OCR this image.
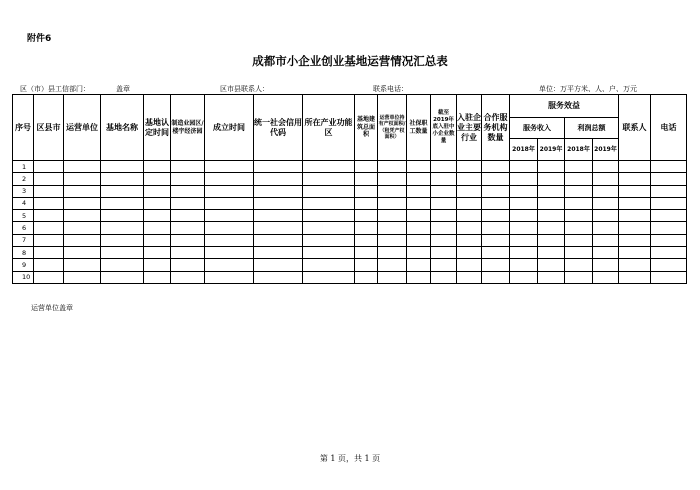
附件6
成都市小企业创业基地运营情况汇总表
区（市）县工信部门：	盖章	区市县联系人：	联系电话：	单位：万平方米、人、户、万元
序号	区县市	运营单位	基地名称	基地认定时间	制造业园区/楼宇经济园	成立时间	统一社会信用代码	所在产业功能区	基地建筑总面积	运营单位持有产权面积/（租凭产权面积）	社保职工数量	截至2019年底入驻中小企业数量	入驻企业主要行业	合作服务机构数量	服务效益				联系人	电话
															服务收入		利润总额			
															2018年	2019年	2018年	2019年		
1																				
2																				
3																				
4																				
5																				
6																				
7																				
8																				
9																				
10																				
运营单位盖章
第 1 页，共 1 页
